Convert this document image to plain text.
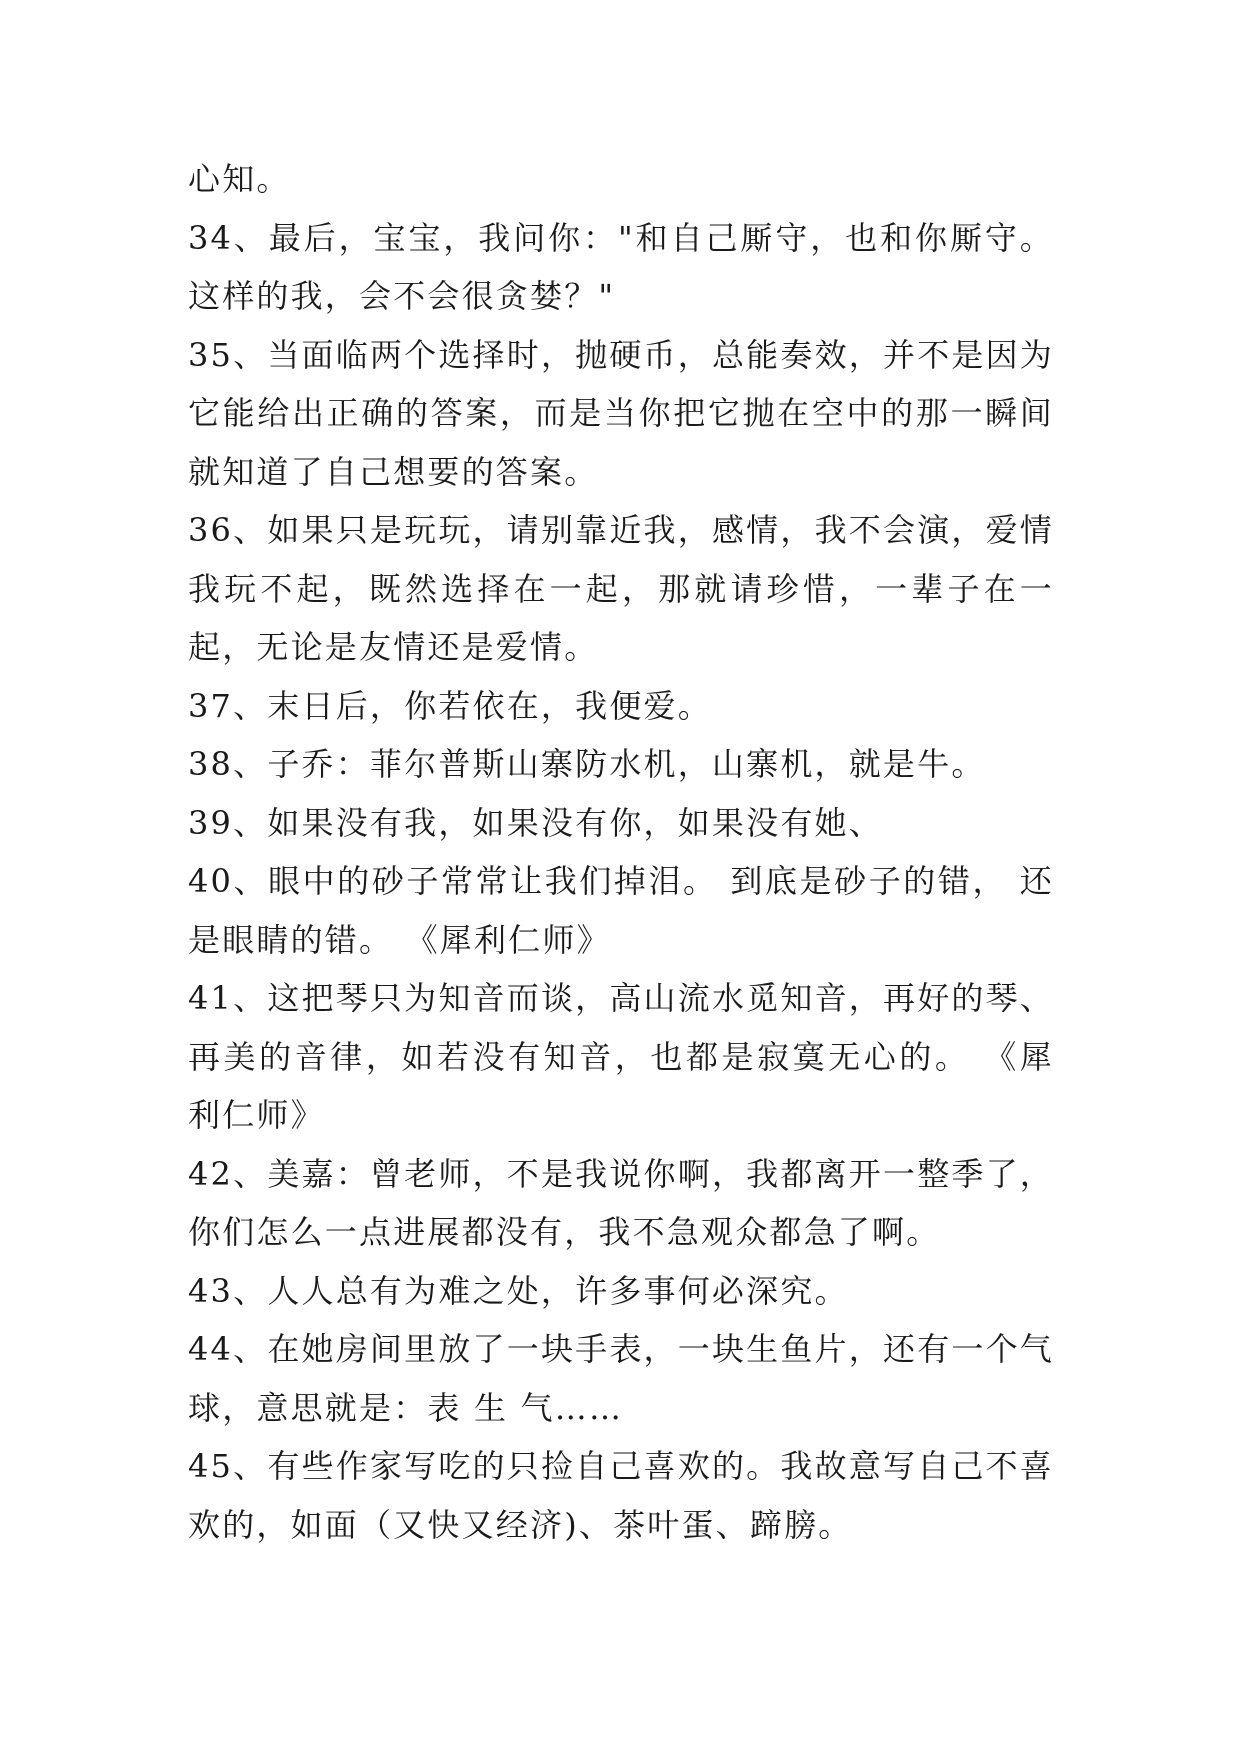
心知。

34、最后，宝宝，我问你："和自己厮守，也和你厮守。这样的我，会不会很贪婪？"

35、当面临两个选择时，抛硬币，总能奏效，并不是因为它能给出正确的答案，而是当你把它抛在空中的那一瞬间就知道了自己想要的答案。

36、如果只是玩玩，请别靠近我，感情，我不会演，爱情我玩不起，既然选择在一起，那就请珍惜，一辈子在一起，无论是友情还是爱情。

37、末日后，你若依在，我便爱。

38、子乔：菲尔普斯山寨防水机，山寨机，就是牛。

39、如果没有我，如果没有你，如果没有她、

40、眼中的砂子常常让我们掉泪。 到底是砂子的错， 还是眼睛的错。 《犀利仁师》

41、这把琴只为知音而谈，高山流水觅知音，再好的琴、再美的音律，如若没有知音，也都是寂寞无心的。 《犀利仁师》

42、美嘉：曾老师，不是我说你啊，我都离开一整季了，你们怎么一点进展都没有，我不急观众都急了啊。

43、人人总有为难之处，许多事何必深究。

44、在她房间里放了一块手表，一块生鱼片，还有一个气球，意思就是：表 生 气……

45、有些作家写吃的只捡自己喜欢的。我故意写自己不喜欢的，如面（又快又经济)、茶叶蛋、蹄膀。
